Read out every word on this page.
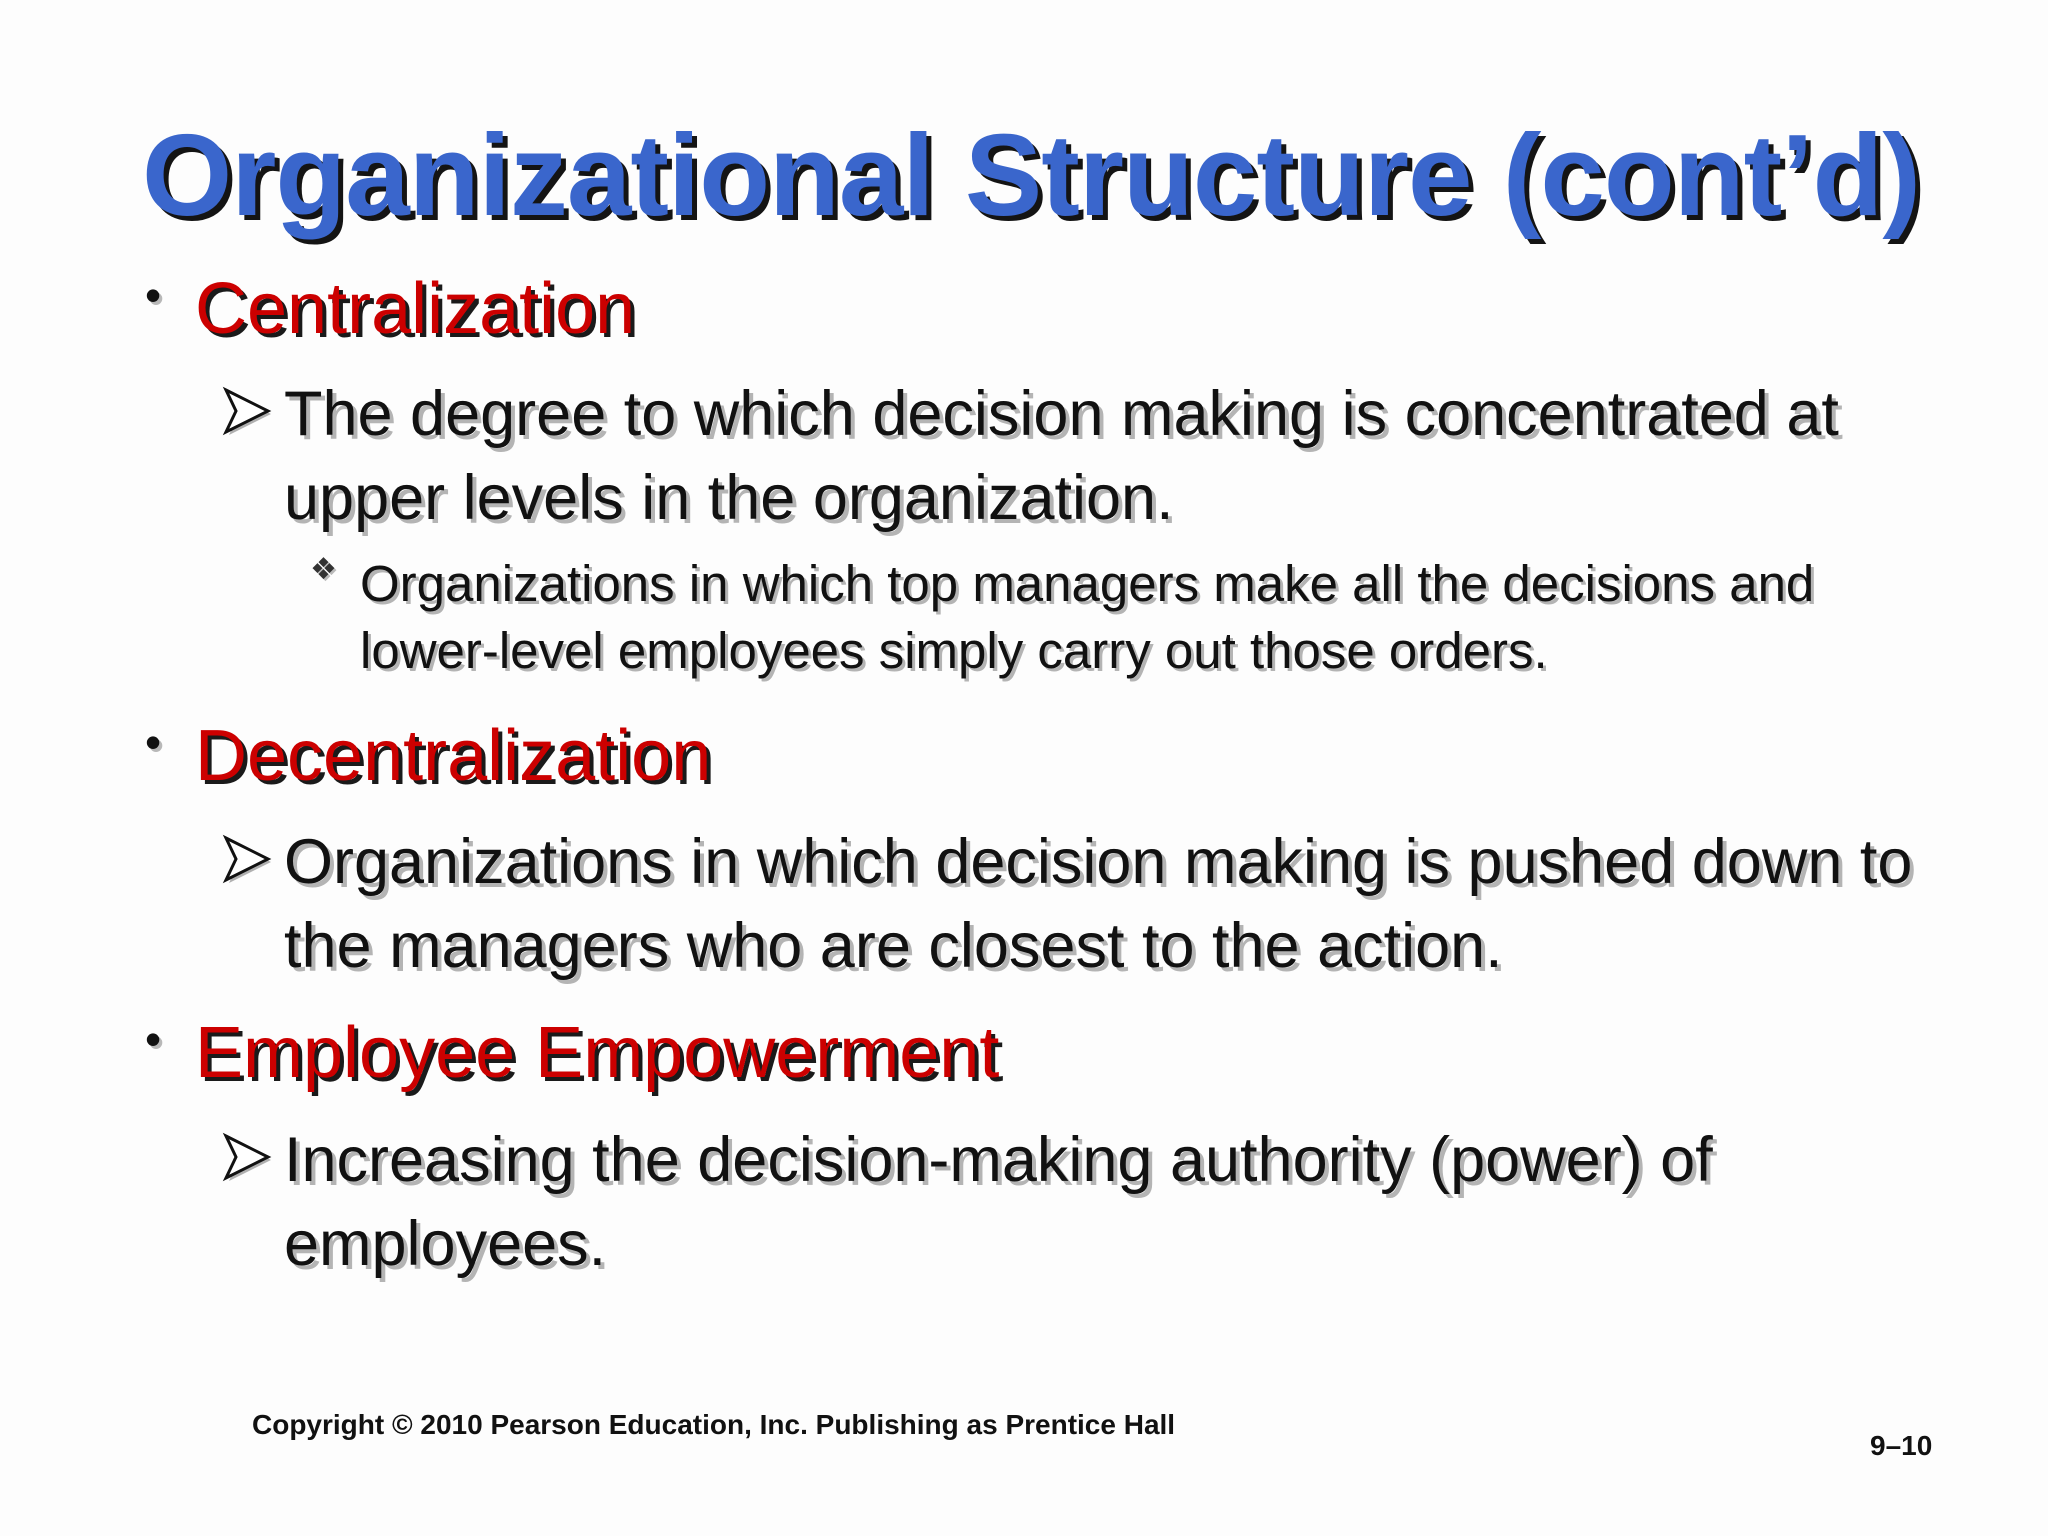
Organizational Structure (cont’d)
• Centralization
The degree to which decision making is concentrated at upper levels in the organization.
❖ Organizations in which top managers make all the decisions and lower-level employees simply carry out those orders.
• Decentralization
Organizations in which decision making is pushed down to the managers who are closest to the action.
• Employee Empowerment
Increasing the decision-making authority (power) of employees.
Copyright © 2010 Pearson Education, Inc. Publishing as Prentice Hall
9–10
